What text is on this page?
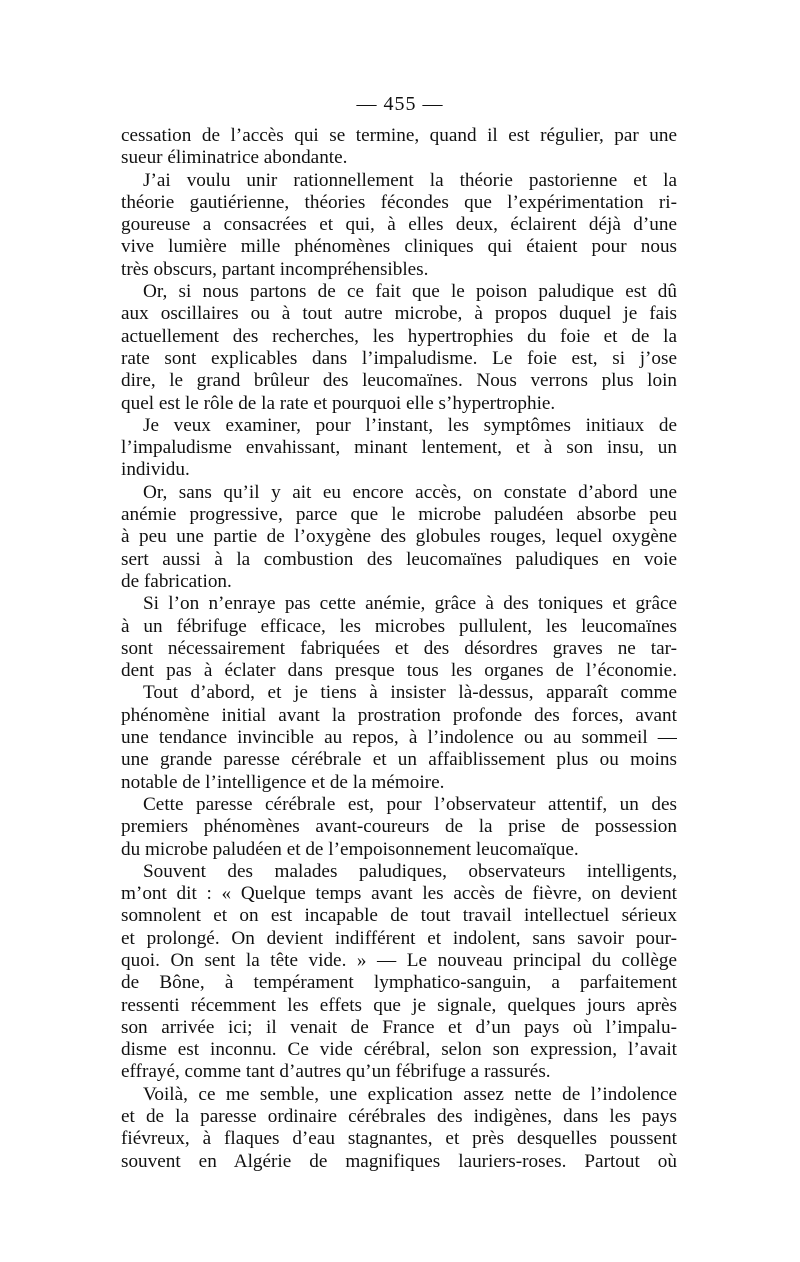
— 455 —
cessation de l’accès qui se termine, quand il est régulier, par une
sueur éliminatrice abondante.
J’ai voulu unir rationnellement la théorie pastorienne et la
théorie gautiérienne, théories fécondes que l’expérimentation ri-
goureuse a consacrées et qui, à elles deux, éclairent déjà d’une
vive lumière mille phénomènes cliniques qui étaient pour nous
très obscurs, partant incompréhensibles.
Or, si nous partons de ce fait que le poison paludique est dû
aux oscillaires ou à tout autre microbe, à propos duquel je fais
actuellement des recherches, les hypertrophies du foie et de la
rate sont explicables dans l’impaludisme. Le foie est, si j’ose
dire, le grand brûleur des leucomaïnes. Nous verrons plus loin
quel est le rôle de la rate et pourquoi elle s’hypertrophie.
Je veux examiner, pour l’instant, les symptômes initiaux de
l’impaludisme envahissant, minant lentement, et à son insu, un
individu.
Or, sans qu’il y ait eu encore accès, on constate d’abord une
anémie progressive, parce que le microbe paludéen absorbe peu
à peu une partie de l’oxygène des globules rouges, lequel oxygène
sert aussi à la combustion des leucomaïnes paludiques en voie
de fabrication.
Si l’on n’enraye pas cette anémie, grâce à des toniques et grâce
à un fébrifuge efficace, les microbes pullulent, les leucomaïnes
sont nécessairement fabriquées et des désordres graves ne tar-
dent pas à éclater dans presque tous les organes de l’économie.
Tout d’abord, et je tiens à insister là-dessus, apparaît comme
phénomène initial avant la prostration profonde des forces, avant
une tendance invincible au repos, à l’indolence ou au sommeil —
une grande paresse cérébrale et un affaiblissement plus ou moins
notable de l’intelligence et de la mémoire.
Cette paresse cérébrale est, pour l’observateur attentif, un des
premiers phénomènes avant-coureurs de la prise de possession
du microbe paludéen et de l’empoisonnement leucomaïque.
Souvent des malades paludiques, observateurs intelligents,
m’ont dit : « Quelque temps avant les accès de fièvre, on devient
somnolent et on est incapable de tout travail intellectuel sérieux
et prolongé. On devient indifférent et indolent, sans savoir pour-
quoi. On sent la tête vide. » — Le nouveau principal du collège
de Bône, à tempérament lymphatico-sanguin, a parfaitement
ressenti récemment les effets que je signale, quelques jours après
son arrivée ici; il venait de France et d’un pays où l’impalu-
disme est inconnu. Ce vide cérébral, selon son expression, l’avait
effrayé, comme tant d’autres qu’un fébrifuge a rassurés.
Voilà, ce me semble, une explication assez nette de l’indolence
et de la paresse ordinaire cérébrales des indigènes, dans les pays
fiévreux, à flaques d’eau stagnantes, et près desquelles poussent
souvent en Algérie de magnifiques lauriers-roses. Partout où
